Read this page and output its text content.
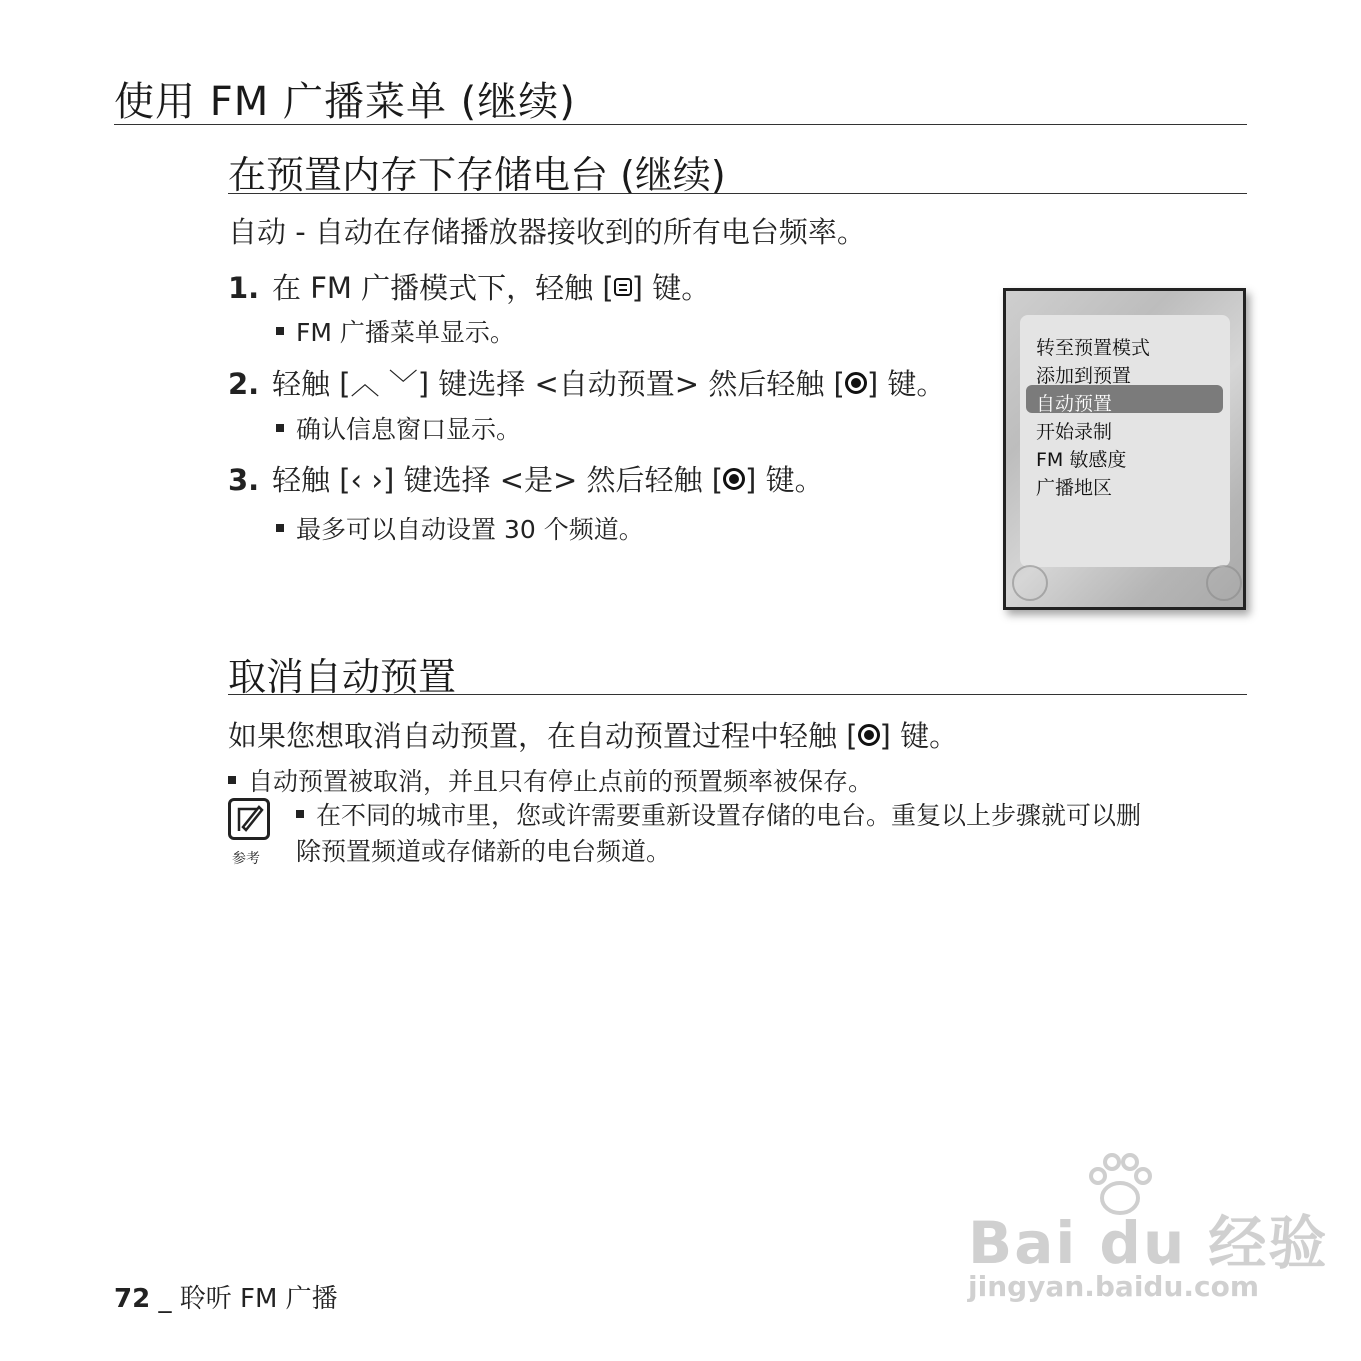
使用 FM 广播菜单 (继续)
在预置内存下存储电台 (继续)
自动 - 自动在存储播放器接收到的所有电台频率。
1. 在 FM 广播模式下，轻触 [ ] 键。
FM 广播菜单显示。
2. 轻触 [︿ ﹀] 键选择 <自动预置> 然后轻触 [ ] 键。
确认信息窗口显示。
3. 轻触 [‹ ›] 键选择 <是> 然后轻触 [ ] 键。
最多可以自动设置 30 个频道。
转至预置模式
添加到预置
自动预置
开始录制
FM 敏感度
广播地区
取消自动预置
如果您想取消自动预置，在自动预置过程中轻触 [ ] 键。
自动预置被取消，并且只有停止点前的预置频率被保存。
参考
在不同的城市里，您或许需要重新设置存储的电台。重复以上步骤就可以删
除预置频道或存储新的电台频道。
Bai du 经验
jingyan.baidu.com
72 _ 聆听 FM 广播
